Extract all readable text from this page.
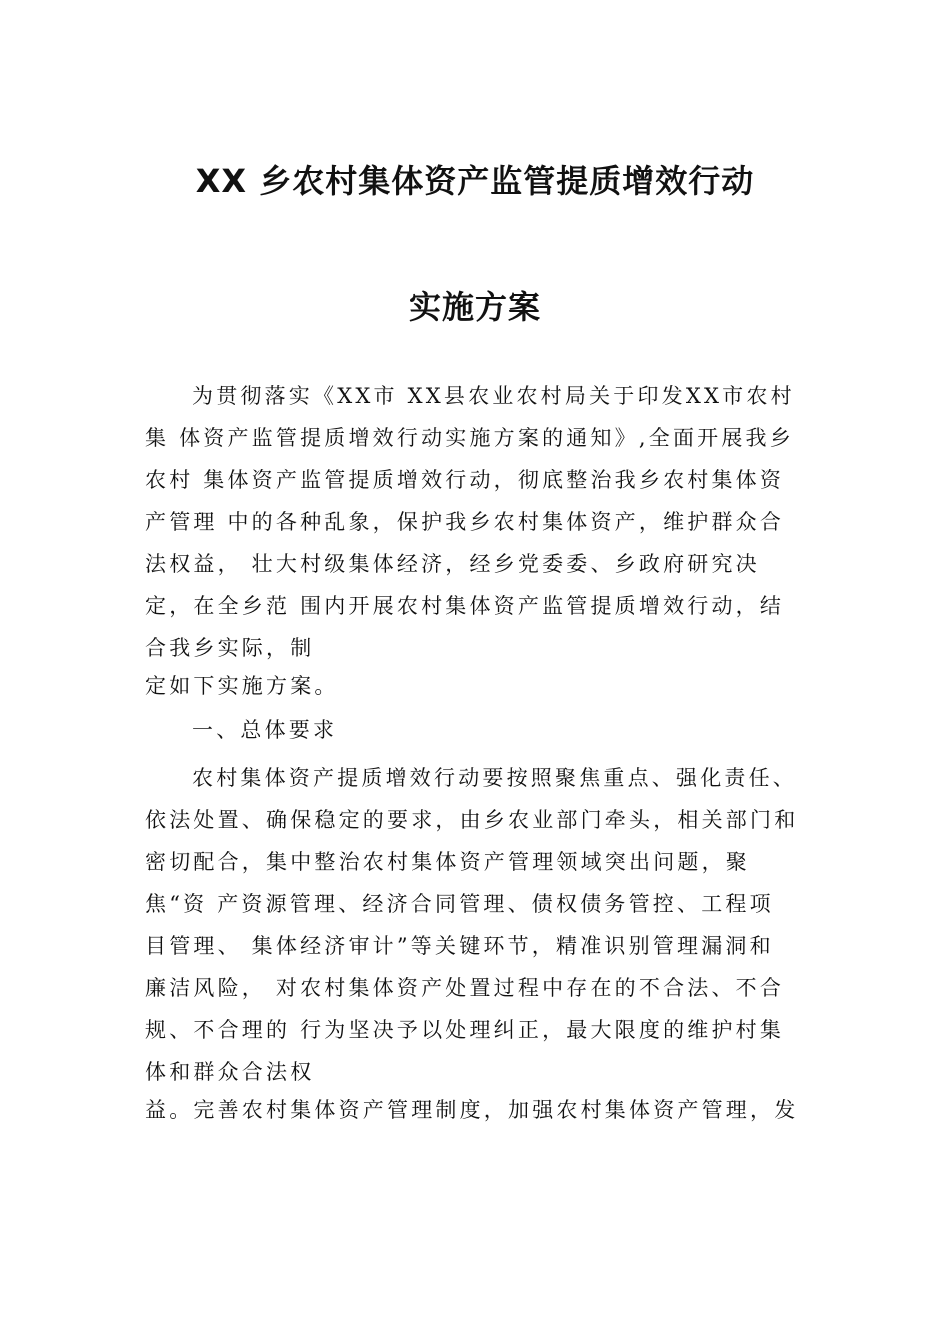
XX 乡农村集体资产监管提质增效行动
实施方案
为贯彻落实《XX市 XX县农业农村局关于印发XX市农村
集 体资产监管提质增效行动实施方案的通知》,全面开展我乡
农村 集体资产监管提质增效行动，彻底整治我乡农村集体资
产管理 中的各种乱象，保护我乡农村集体资产，维护群众合
法权益， 壮大村级集体经济，经乡党委委、乡政府研究决
定，在全乡范 围内开展农村集体资产监管提质增效行动，结
合我乡实际，制
定如下实施方案。
一、总体要求
农村集体资产提质增效行动要按照聚焦重点、强化责任、
依法处置、确保稳定的要求，由乡农业部门牵头，相关部门和
密切配合，集中整治农村集体资产管理领域突出问题，聚
焦“资 产资源管理、经济合同管理、债权债务管控、工程项
目管理、 集体经济审计”等关键环节，精准识别管理漏洞和
廉洁风险， 对农村集体资产处置过程中存在的不合法、不合
规、不合理的 行为坚决予以处理纠正，最大限度的维护村集
体和群众合法权
益。完善农村集体资产管理制度，加强农村集体资产管理，发
